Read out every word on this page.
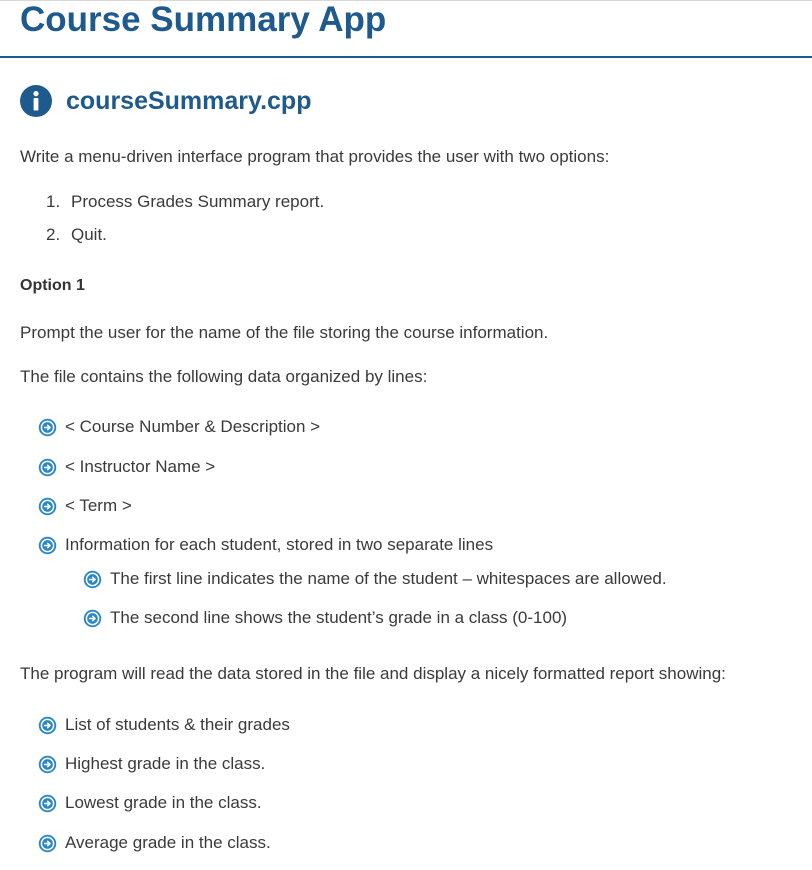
Course Summary App
courseSummary.cpp

Write a menu-driven interface program that provides the user with two options:

1. Process Grades Summary report.
2. Quit.
Option 1

Prompt the user for the name of the file storing the course information.

The file contains the following data organized by lines:

< Course Number & Description >
< Instructor Name >
< Term >
Information for each student, stored in two separate lines
The first line indicates the name of the student – whitespaces are allowed.
The second line shows the student’s grade in a class (0-100)

The program will read the data stored in the file and display a nicely formatted report showing:

List of students & their grades
Highest grade in the class.
Lowest grade in the class.
Average grade in the class.
